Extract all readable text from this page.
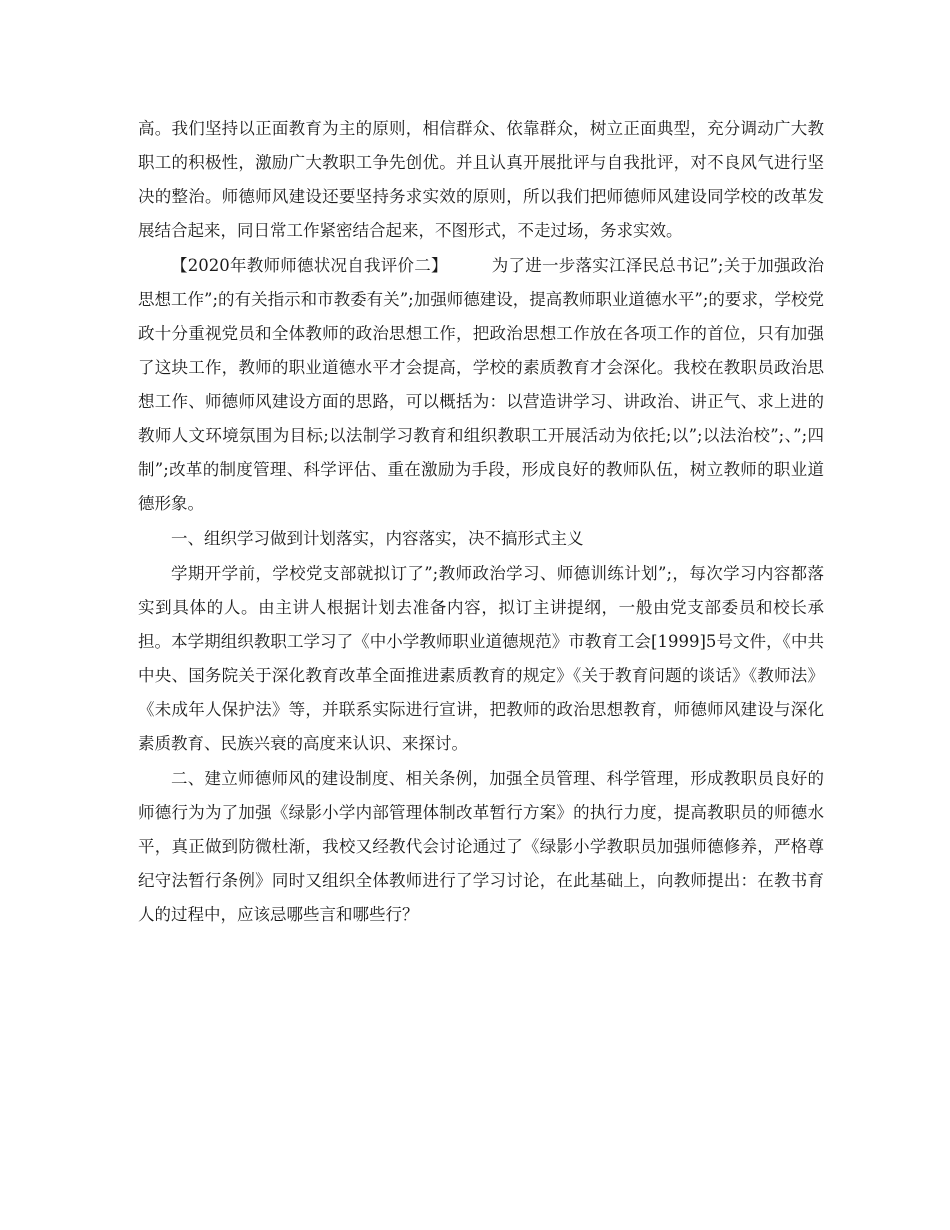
高。我们坚持以正面教育为主的原则，相信群众、依靠群众，树立正面典型，充分调动广大教职工的积极性，激励广大教职工争先创优。并且认真开展批评与自我批评，对不良风气进行坚决的整治。师德师风建设还要坚持务求实效的原则，所以我们把师德师风建设同学校的改革发展结合起来，同日常工作紧密结合起来，不图形式，不走过场，务求实效。

【2020年教师师德状况自我评价二】	为了进一步落实江泽民总书记”;关于加强政治思想工作”;的有关指示和市教委有关”;加强师德建设，提高教师职业道德水平”;的要求，学校党政十分重视党员和全体教师的政治思想工作，把政治思想工作放在各项工作的首位，只有加强了这块工作，教师的职业道德水平才会提高，学校的素质教育才会深化。我校在教职员政治思想工作、师德师风建设方面的思路，可以概括为：以营造讲学习、讲政治、讲正气、求上进的教师人文环境氛围为目标;以法制学习教育和组织教职工开展活动为依托;以”;以法治校”;、”;四制”;改革的制度管理、科学评估、重在激励为手段，形成良好的教师队伍，树立教师的职业道德形象。

一、组织学习做到计划落实，内容落实，决不搞形式主义

学期开学前，学校党支部就拟订了”;教师政治学习、师德训练计划”;，每次学习内容都落实到具体的人。由主讲人根据计划去准备内容，拟订主讲提纲，一般由党支部委员和校长承担。本学期组织教职工学习了《中小学教师职业道德规范》市教育工会[1999]5号文件，《中共中央、国务院关于深化教育改革全面推进素质教育的规定》《关于教育问题的谈话》《教师法》《未成年人保护法》等，并联系实际进行宣讲，把教师的政治思想教育，师德师风建设与深化素质教育、民族兴衰的高度来认识、来探讨。

二、建立师德师风的建设制度、相关条例，加强全员管理、科学管理，形成教职员良好的师德行为为了加强《绿影小学内部管理体制改革暂行方案》的执行力度，提高教职员的师德水平，真正做到防微杜渐，我校又经教代会讨论通过了《绿影小学教职员加强师德修养，严格尊纪守法暂行条例》同时又组织全体教师进行了学习讨论，在此基础上，向教师提出：在教书育人的过程中，应该忌哪些言和哪些行？
